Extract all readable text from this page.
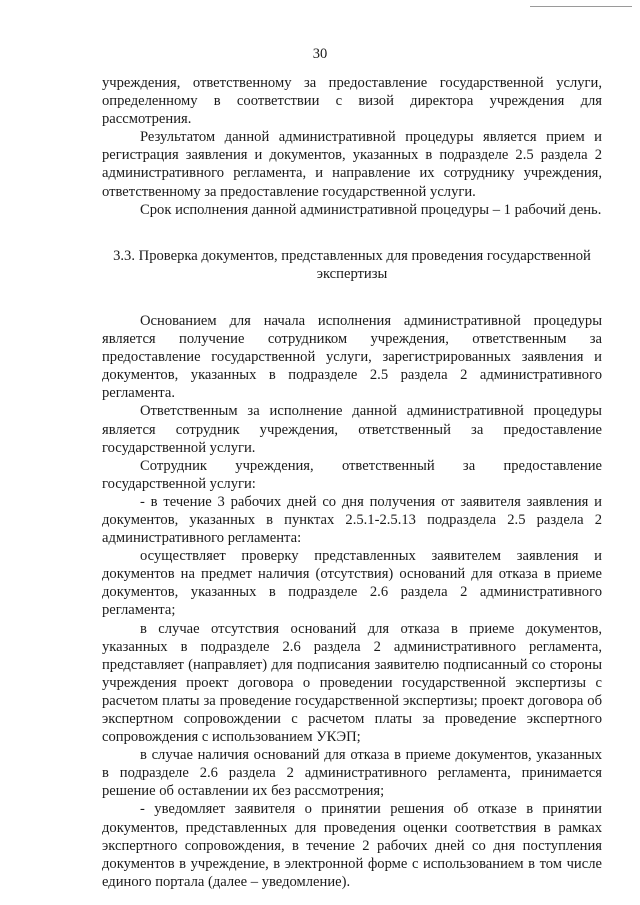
30

учреждения, ответственному за предоставление государственной услуги, определенному в соответствии с визой директора учреждения для рассмотрения.

Результатом данной административной процедуры является прием и регистрация заявления и документов, указанных в подразделе 2.5 раздела 2 административного регламента, и направление их сотруднику учреждения, ответственному за предоставление государственной услуги.

Срок исполнения данной административной процедуры – 1 рабочий день.

3.3. Проверка документов, представленных для проведения государственной экспертизы

Основанием для начала исполнения административной процедуры является получение сотрудником учреждения, ответственным за предоставление государственной услуги, зарегистрированных заявления и документов, указанных в подразделе 2.5 раздела 2 административного регламента.

Ответственным за исполнение данной административной процедуры является сотрудник учреждения, ответственный за предоставление государственной услуги.

Сотрудник учреждения, ответственный за предоставление государственной услуги:

- в течение 3 рабочих дней со дня получения от заявителя заявления и документов, указанных в пунктах 2.5.1-2.5.13 подраздела 2.5 раздела 2 административного регламента:

осуществляет проверку представленных заявителем заявления и документов на предмет наличия (отсутствия) оснований для отказа в приеме документов, указанных в подразделе 2.6 раздела 2 административного регламента;

в случае отсутствия оснований для отказа в приеме документов, указанных в подразделе 2.6 раздела 2 административного регламента, представляет (направляет) для подписания заявителю подписанный со стороны учреждения проект договора о проведении государственной экспертизы с расчетом платы за проведение государственной экспертизы; проект договора об экспертном сопровождении с расчетом платы за проведение экспертного сопровождения с использованием УКЭП;

в случае наличия оснований для отказа в приеме документов, указанных в подразделе 2.6 раздела 2 административного регламента, принимается решение об оставлении их без рассмотрения;

- уведомляет заявителя о принятии решения об отказе в принятии документов, представленных для проведения оценки соответствия в рамках экспертного сопровождения, в течение 2 рабочих дней со дня поступления документов в учреждение, в электронной форме с использованием в том числе единого портала (далее – уведомление).
